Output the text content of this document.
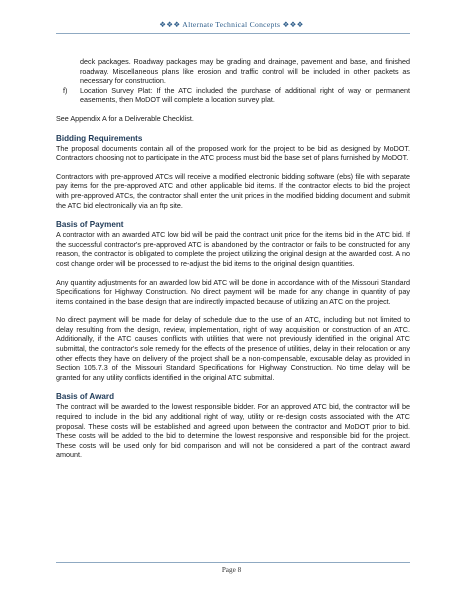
❖❖❖ Alternate Technical Concepts ❖❖❖

deck packages. Roadway packages may be grading and drainage, pavement and base, and finished roadway. Miscellaneous plans like erosion and traffic control will be included in other packets as necessary for construction.

f) Location Survey Plat: If the ATC included the purchase of additional right of way or permanent easements, then MoDOT will complete a location survey plat.

See Appendix A for a Deliverable Checklist.

Bidding Requirements

The proposal documents contain all of the proposed work for the project to be bid as designed by MoDOT. Contractors choosing not to participate in the ATC process must bid the base set of plans furnished by MoDOT.

Contractors with pre-approved ATCs will receive a modified electronic bidding software (ebs) file with separate pay items for the pre-approved ATC and other applicable bid items. If the contractor elects to bid the project with pre-approved ATCs, the contractor shall enter the unit prices in the modified bidding document and submit the ATC bid electronically via an ftp site.

Basis of Payment

A contractor with an awarded ATC low bid will be paid the contract unit price for the items bid in the ATC bid. If the successful contractor's pre-approved ATC is abandoned by the contractor or fails to be constructed for any reason, the contractor is obligated to complete the project utilizing the original design at the awarded cost. A no cost change order will be processed to re-adjust the bid items to the original design quantities.

Any quantity adjustments for an awarded low bid ATC will be done in accordance with of the Missouri Standard Specifications for Highway Construction. No direct payment will be made for any change in quantity of pay items contained in the base design that are indirectly impacted because of utilizing an ATC on the project.

No direct payment will be made for delay of schedule due to the use of an ATC, including but not limited to delay resulting from the design, review, implementation, right of way acquisition or construction of an ATC. Additionally, if the ATC causes conflicts with utilities that were not previously identified in the original ATC submittal, the contractor's sole remedy for the effects of the presence of utilities, delay in their relocation or any other effects they have on delivery of the project shall be a non-compensable, excusable delay as provided in Section 105.7.3 of the Missouri Standard Specifications for Highway Construction. No time delay will be granted for any utility conflicts identified in the original ATC submittal.

Basis of Award

The contract will be awarded to the lowest responsible bidder. For an approved ATC bid, the contractor will be required to include in the bid any additional right of way, utility or re-design costs associated with the ATC proposal. These costs will be established and agreed upon between the contractor and MoDOT prior to bid. These costs will be added to the bid to determine the lowest responsive and responsible bid for the project. These costs will be used only for bid comparison and will not be considered a part of the contract award amount.

Page 8
